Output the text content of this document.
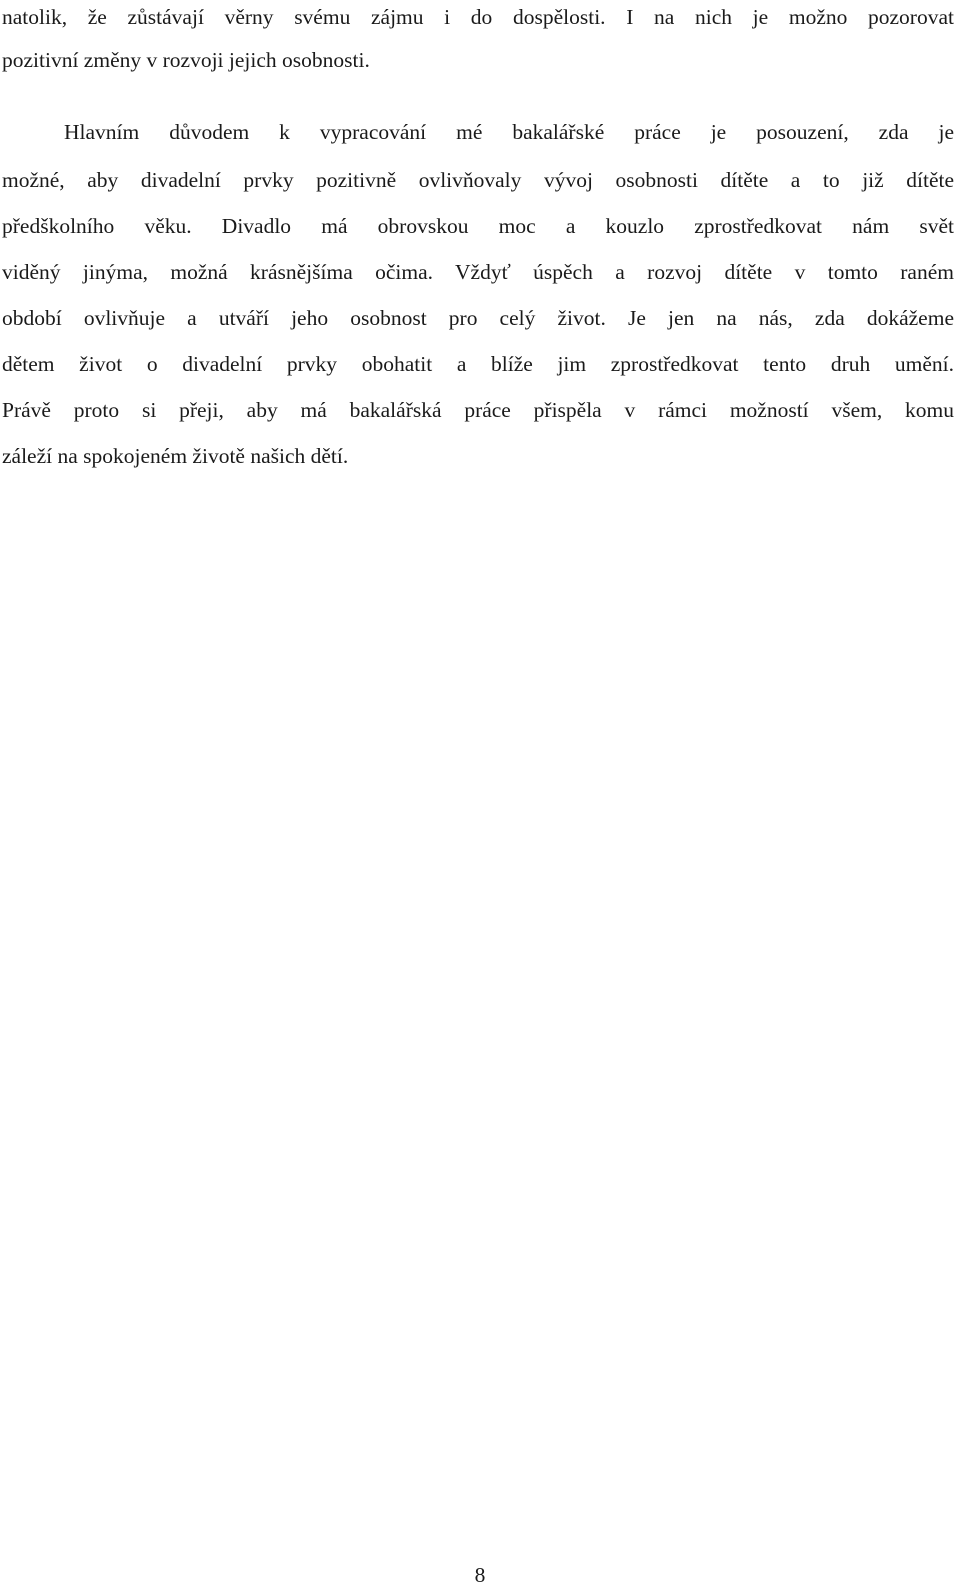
natolik, že zůstávají věrny svému zájmu i do dospělosti. I na nich je možno pozorovat
pozitivní změny v rozvoji jejich osobnosti.
Hlavním důvodem k vypracování mé bakalářské práce je posouzení, zda je
možné, aby divadelní prvky pozitivně ovlivňovaly vývoj osobnosti dítěte a to již dítěte
předškolního věku. Divadlo má obrovskou moc a kouzlo zprostředkovat nám svět
viděný jinýma, možná krásnějšíma očima. Vždyť úspěch a rozvoj dítěte v tomto raném
období ovlivňuje a utváří jeho osobnost pro celý život. Je jen na nás, zda dokážeme
dětem život o divadelní prvky obohatit a blíže jim zprostředkovat tento druh umění.
Právě proto si přeji, aby má bakalářská práce přispěla v rámci možností všem, komu
záleží na spokojeném životě našich dětí.
8
